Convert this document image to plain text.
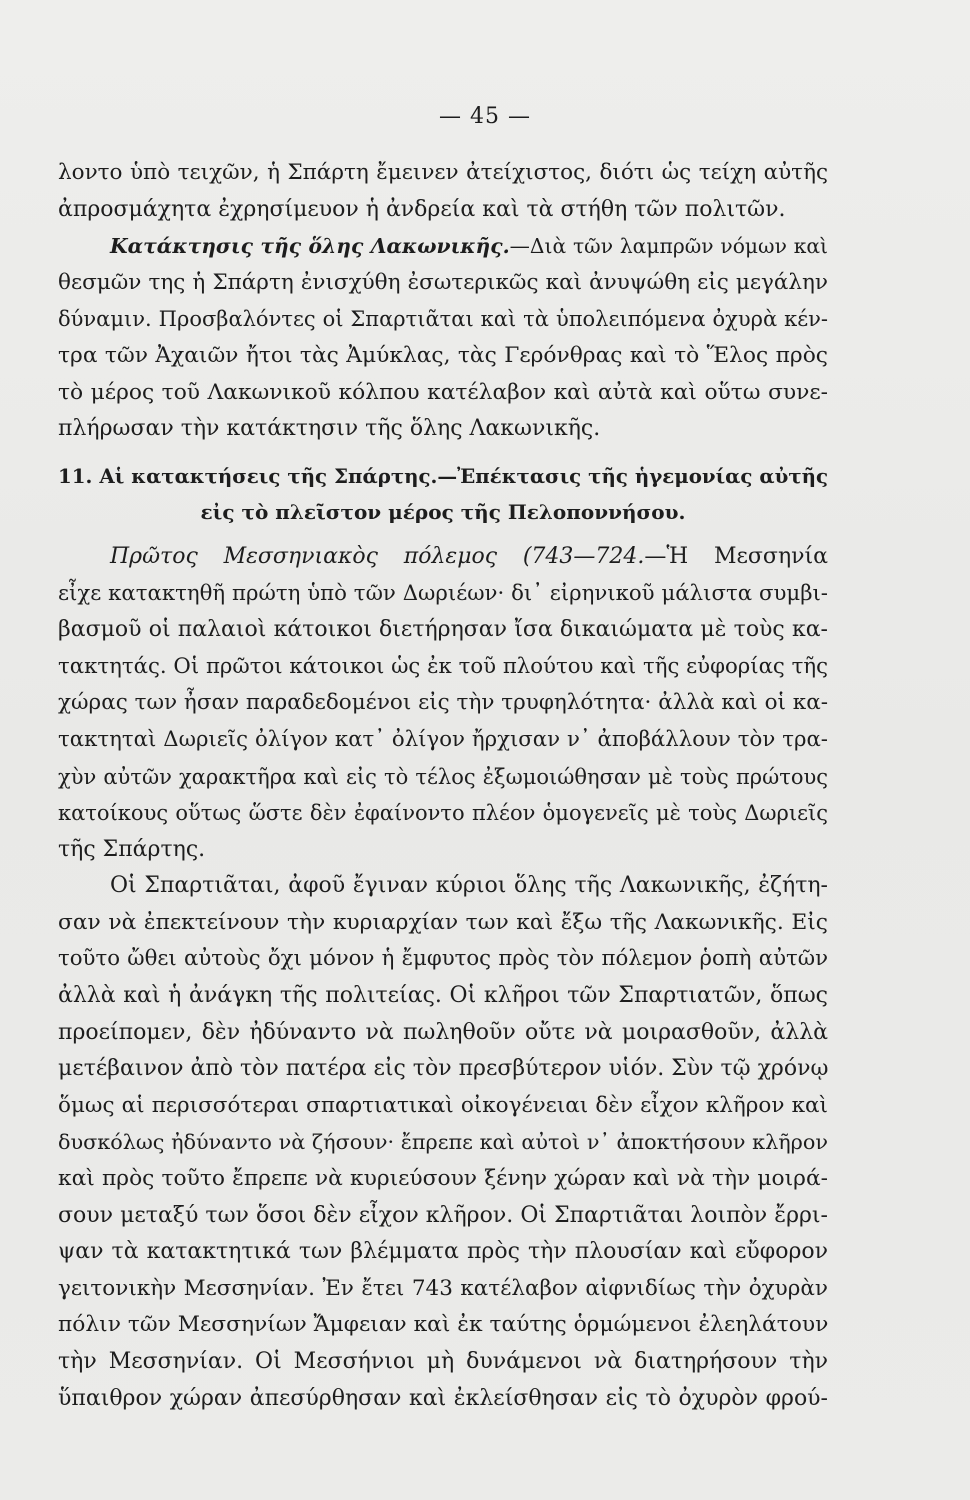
— 45 —
λοντο ὑπὸ τειχῶν, ἡ Σπάρτη ἔμεινεν ἀτείχιστος, διότι ὡς τείχη αὐτῆς
ἀπροσμάχητα ἐχρησίμευον ἡ ἀνδρεία καὶ τὰ στήθη τῶν πολιτῶν.
Κατάκτησις τῆς ὅλης Λακωνικῆς.—Διὰ τῶν λαμπρῶν νόμων καὶ
θεσμῶν της ἡ Σπάρτη ἐνισχύθη ἐσωτερικῶς καὶ ἀνυψώθη εἰς μεγάλην
δύναμιν. Προσβαλόντες οἱ Σπαρτιᾶται καὶ τὰ ὑπολειπόμενα ὀχυρὰ κέν-
τρα τῶν Ἀχαιῶν ἤτοι τὰς Ἀμύκλας, τὰς Γερόνθρας καὶ τὸ Ἕλος πρὸς
τὸ μέρος τοῦ Λακωνικοῦ κόλπου κατέλαβον καὶ αὐτὰ καὶ οὕτω συνε-
πλήρωσαν τὴν κατάκτησιν τῆς ὅλης Λακωνικῆς.
11. Αἱ κατακτήσεις τῆς Σπάρτης.—Ἐπέκτασις τῆς ἡγεμονίας αὐτῆς
εἰς τὸ πλεῖστον μέρος τῆς Πελοποννήσου.
Πρῶτος Μεσσηνιακὸς πόλεμος (743—724.—Ἡ Μεσσηνία
εἶχε κατακτηθῆ πρώτη ὑπὸ τῶν Δωριέων· δι᾽ εἰρηνικοῦ μάλιστα συμβι-
βασμοῦ οἱ παλαιοὶ κάτοικοι διετήρησαν ἴσα δικαιώματα μὲ τοὺς κα-
τακτητάς. Οἱ πρῶτοι κάτοικοι ὡς ἐκ τοῦ πλούτου καὶ τῆς εὐφορίας τῆς
χώρας των ἦσαν παραδεδομένοι εἰς τὴν τρυφηλότητα· ἀλλὰ καὶ οἱ κα-
τακτηταὶ Δωριεῖς ὀλίγον κατ᾽ ὀλίγον ἤρχισαν ν᾽ ἀποβάλλουν τὸν τρα-
χὺν αὐτῶν χαρακτῆρα καὶ εἰς τὸ τέλος ἐξωμοιώθησαν μὲ τοὺς πρώτους
κατοίκους οὕτως ὥστε δὲν ἐφαίνοντο πλέον ὁμογενεῖς μὲ τοὺς Δωριεῖς
τῆς Σπάρτης.
Οἱ Σπαρτιᾶται, ἀφοῦ ἔγιναν κύριοι ὅλης τῆς Λακωνικῆς, ἐζήτη-
σαν νὰ ἐπεκτείνουν τὴν κυριαρχίαν των καὶ ἔξω τῆς Λακωνικῆς. Εἰς
τοῦτο ὤθει αὐτοὺς ὄχι μόνον ἡ ἔμφυτος πρὸς τὸν πόλεμον ῥοπὴ αὐτῶν
ἀλλὰ καὶ ἡ ἀνάγκη τῆς πολιτείας. Οἱ κλῆροι τῶν Σπαρτιατῶν, ὅπως
προείπομεν, δὲν ἠδύναντο νὰ πωληθοῦν οὔτε νὰ μοιρασθοῦν, ἀλλὰ
μετέβαινον ἀπὸ τὸν πατέρα εἰς τὸν πρεσβύτερον υἱόν. Σὺν τῷ χρόνῳ
ὅμως αἱ περισσότεραι σπαρτιατικαὶ οἰκογένειαι δὲν εἶχον κλῆρον καὶ
δυσκόλως ἠδύναντο νὰ ζήσουν· ἔπρεπε καὶ αὐτοὶ ν᾽ ἀποκτήσουν κλῆρον
καὶ πρὸς τοῦτο ἔπρεπε νὰ κυριεύσουν ξένην χώραν καὶ νὰ τὴν μοιρά-
σουν μεταξύ των ὅσοι δὲν εἶχον κλῆρον. Οἱ Σπαρτιᾶται λοιπὸν ἔρρι-
ψαν τὰ κατακτητικά των βλέμματα πρὸς τὴν πλουσίαν καὶ εὔφορον
γειτονικὴν Μεσσηνίαν. Ἐν ἔτει 743 κατέλαβον αἰφνιδίως τὴν ὀχυρὰν
πόλιν τῶν Μεσσηνίων Ἄμφειαν καὶ ἐκ ταύτης ὁρμώμενοι ἐλεηλάτουν
τὴν Μεσσηνίαν. Οἱ Μεσσήνιοι μὴ δυνάμενοι νὰ διατηρήσουν τὴν
ὕπαιθρον χώραν ἀπεσύρθησαν καὶ ἐκλείσθησαν εἰς τὸ ὀχυρὸν φρού-
